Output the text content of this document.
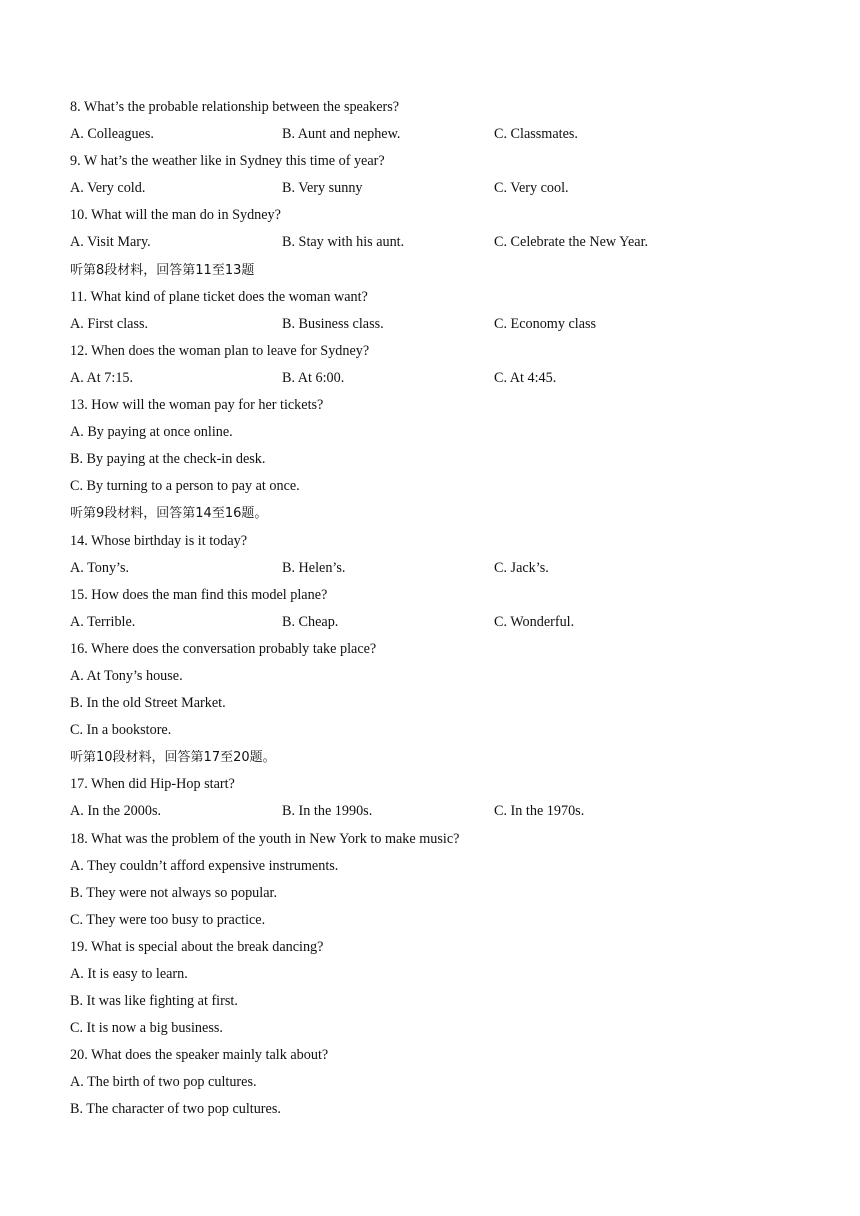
8. What’s the probable relationship between the speakers?
A. Colleagues.	B. Aunt and nephew.	C. Classmates.
9. W hat’s the weather like in Sydney this time of year?
A. Very cold.	B. Very sunny	C. Very cool.
10. What will the man do in Sydney?
A. Visit Mary.	B. Stay with his aunt.	C. Celebrate the New Year.
听第8段材料，回答第11至13题
11. What kind of plane ticket does the woman want?
A. First class.	B. Business class.	C. Economy class
12. When does the woman plan to leave for Sydney?
A. At 7:15.	B. At 6:00.	C. At 4:45.
13. How will the woman pay for her tickets?
A. By paying at once online.
B. By paying at the check-in desk.
C. By turning to a person to pay at once.
听第9段材料，回答第14至16题。
14. Whose birthday is it today?
A. Tony’s.	B. Helen’s.	C. Jack’s.
15. How does the man find this model plane?
A. Terrible.	B. Cheap.	C. Wonderful.
16. Where does the conversation probably take place?
A. At Tony’s house.
B. In the old Street Market.
C. In a bookstore.
听第10段材料，回答第17至20题。
17. When did Hip-Hop start?
A. In the 2000s.	B. In the 1990s.	C. In the 1970s.
18. What was the problem of the youth in New York to make music?
A. They couldn’t afford expensive instruments.
B. They were not always so popular.
C. They were too busy to practice.
19. What is special about the break dancing?
A. It is easy to learn.
B. It was like fighting at first.
C. It is now a big business.
20. What does the speaker mainly talk about?
A. The birth of two pop cultures.
B. The character of two pop cultures.
